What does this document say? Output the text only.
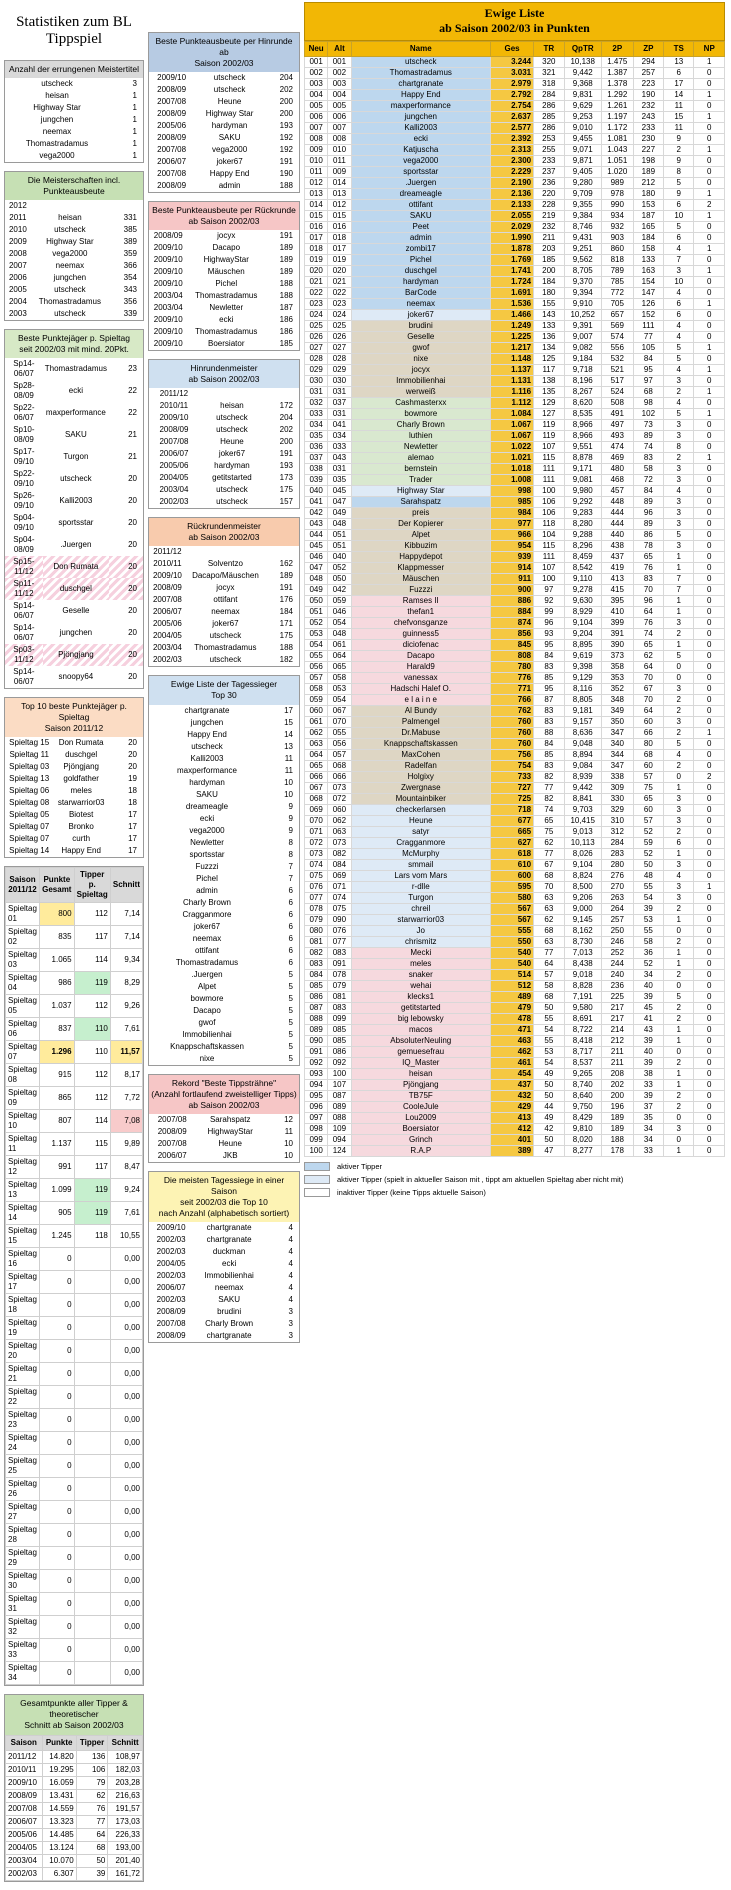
Statistiken zum BL Tippspiel
Anzahl der errungenen Meistertitel
utscheck	3
heisan	1
Highway Star	1
jungchen	1
neemax	1
Thomastradamus	1
vega2000	1
Die Meisterschaften incl. Punkteausbeute
2012		
2011	heisan	331
2010	utscheck	385
2009	Highway Star	389
2008	vega2000	359
2007	neemax	366
2006	jungchen	354
2005	utscheck	343
2004	Thomastradamus	356
2003	utscheck	339
Beste Punktejäger p. Spieltag
seit 2002/03 mit mind. 20Pkt.
Sp14-06/07	Thomastradamus	23
Sp28-08/09	ecki	22
Sp22-06/07	maxperformance	22
Sp10-08/09	SAKU	21
Sp17-09/10	Turgon	21
Sp22-09/10	utscheck	20
Sp26-09/10	Kalli2003	20
Sp04-09/10	sportsstar	20
Sp04-08/09	.Juergen	20
Sp15-11/12	Don Rumata	20
Sp11-11/12	duschgel	20
Sp14-06/07	Geselle	20
Sp14-06/07	jungchen	20
Sp03-11/12	Pjöngjang	20
Sp14-06/07	snoopy64	20
Top 10 beste Punktejäger p. Spieltag
Saison 2011/12
Spieltag 15	Don Rumata	20
Spieltag 11	duschgel	20
Spieltag 03	Pjöngjang	20
Spieltag 13	goldfather	19
Spieltag 06	meles	18
Spieltag 08	starwarrior03	18
Spieltag 05	Biotest	17
Spieltag 07	Bronko	17
Spieltag 07	curth	17
Spieltag 14	Happy End	17
Saison 2011/12	Punkte Gesamt	Tipper p. Spieltag	Schnitt
Spieltag 01	800	112	7,14
Spieltag 02	835	117	7,14
Spieltag 03	1.065	114	9,34
Spieltag 04	986	119	8,29
Spieltag 05	1.037	112	9,26
Spieltag 06	837	110	7,61
Spieltag 07	1.296	110	11,57
Spieltag 08	915	112	8,17
Spieltag 09	865	112	7,72
Spieltag 10	807	114	7,08
Spieltag 11	1.137	115	9,89
Spieltag 12	991	117	8,47
Spieltag 13	1.099	119	9,24
Spieltag 14	905	119	7,61
Spieltag 15	1.245	118	10,55
Spieltag 16	0		0,00
Spieltag 17	0		0,00
Spieltag 18	0		0,00
Spieltag 19	0		0,00
Spieltag 20	0		0,00
Spieltag 21	0		0,00
Spieltag 22	0		0,00
Spieltag 23	0		0,00
Spieltag 24	0		0,00
Spieltag 25	0		0,00
Spieltag 26	0		0,00
Spieltag 27	0		0,00
Spieltag 28	0		0,00
Spieltag 29	0		0,00
Spieltag 30	0		0,00
Spieltag 31	0		0,00
Spieltag 32	0		0,00
Spieltag 33	0		0,00
Spieltag 34	0		0,00
Gesamtpunkte aller Tipper & theoretischer
Schnitt ab Saison 2002/03
Saison	Punkte	Tipper	Schnitt
2011/12	14.820	136	108,97
2010/11	19.295	106	182,03
2009/10	16.059	79	203,28
2008/09	13.431	62	216,63
2007/08	14.559	76	191,57
2006/07	13.323	77	173,03
2005/06	14.485	64	226,33
2004/05	13.124	68	193,00
2003/04	10.070	50	201,40
2002/03	6.307	39	161,72
Beste Punkteausbeute per Hinrunde ab
Saison 2002/03
2009/10	utscheck	204
2008/09	utscheck	202
2007/08	Heune	200
2008/09	Highway Star	200
2005/06	hardyman	193
2008/09	SAKU	192
2007/08	vega2000	192
2006/07	joker67	191
2007/08	Happy End	190
2008/09	admin	188
Beste Punkteausbeute per Rückrunde
ab Saison 2002/03
2008/09	jocyx	191
2009/10	Dacapo	189
2009/10	HighwayStar	189
2009/10	Mäuschen	189
2009/10	Pichel	188
2003/04	Thomastradamus	188
2003/04	Newletter	187
2009/10	ecki	186
2009/10	Thomastradamus	186
2009/10	Boersiator	185
Hinrundenmeister
ab Saison 2002/03
2011/12		
2010/11	heisan	172
2009/10	utscheck	204
2008/09	utscheck	202
2007/08	Heune	200
2006/07	joker67	191
2005/06	hardyman	193
2004/05	getitstarted	173
2003/04	utscheck	175
2002/03	utscheck	157
Rückrundenmeister
ab Saison 2002/03
2011/12		
2010/11	Solventzo	162
2009/10	Dacapo/Mäuschen	189
2008/09	jocyx	191
2007/08	ottifant	176
2006/07	neemax	184
2005/06	joker67	171
2004/05	utscheck	175
2003/04	Thomastradamus	188
2002/03	utscheck	182
Ewige Liste der Tagessieger
Top 30
chartgranate	17
jungchen	15
Happy End	14
utscheck	13
Kalli2003	11
maxperformance	11
hardyman	10
SAKU	10
dreameagle	9
ecki	9
vega2000	9
Newletter	8
sportsstar	8
Fuzzzi	7
Pichel	7
admin	6
Charly Brown	6
Cragganmore	6
joker67	6
neemax	6
ottifant	6
Thomastradamus	6
.Juergen	5
Alpet	5
bowmore	5
Dacapo	5
gwof	5
Immobilienhai	5
Knappschaftskassen	5
nixe	5
Rekord "Beste Tippsträhne"
(Anzahl fortlaufend zweistelliger Tipps)
ab Saison 2002/03
2007/08	Sarahspatz	12
2008/09	HighwayStar	11
2007/08	Heune	10
2006/07	JKB	10
Die meisten Tagessiege in einer Saison
seit 2002/03 die Top 10
nach Anzahl (alphabetisch sortiert)
2009/10	chartgranate	4
2002/03	chartgranate	4
2002/03	duckman	4
2004/05	ecki	4
2002/03	Immobilienhai	4
2006/07	neemax	4
2002/03	SAKU	4
2008/09	brudini	3
2007/08	Charly Brown	3
2008/09	chartgranate	3
Ewige Liste
ab Saison 2002/03 in Punkten
Neu	Alt	Name	Ges	TR	QpTR	2P	ZP	TS	NP
001	001	utscheck	3.244	320	10,138	1.475	294	13	1
002	002	Thomastradamus	3.031	321	9,442	1.387	257	6	0
003	003	chartgranate	2.979	318	9,368	1.378	223	17	0
004	004	Happy End	2.792	284	9,831	1.292	190	14	1
005	005	maxperformance	2.754	286	9,629	1.261	232	11	0
006	006	jungchen	2.637	285	9,253	1.197	243	15	1
007	007	Kalli2003	2.577	286	9,010	1.172	233	11	0
008	008	ecki	2.392	253	9,455	1.081	230	9	0
009	010	Katjuscha	2.313	255	9,071	1.043	227	2	1
010	011	vega2000	2.300	233	9,871	1.051	198	9	0
011	009	sportsstar	2.229	237	9,405	1.020	189	8	0
012	014	.Juergen	2.190	236	9,280	989	212	5	0
013	013	dreameagle	2.136	220	9,709	978	180	9	1
014	012	ottifant	2.133	228	9,355	990	153	6	2
015	015	SAKU	2.055	219	9,384	934	187	10	1
016	016	Peet	2.029	232	8,746	932	165	5	0
017	018	admin	1.990	211	9,431	903	184	6	0
018	017	zombi17	1.878	203	9,251	860	158	4	1
019	019	Pichel	1.769	185	9,562	818	133	7	0
020	020	duschgel	1.741	200	8,705	789	163	3	1
021	021	hardyman	1.724	184	9,370	785	154	10	0
022	022	BarCode	1.691	180	9,394	772	147	4	0
023	023	neemax	1.536	155	9,910	705	126	6	1
024	024	joker67	1.466	143	10,252	657	152	6	0
025	025	brudini	1.249	133	9,391	569	111	4	0
026	026	Geselle	1.225	136	9,007	574	77	4	0
027	027	gwof	1.217	134	9,082	556	105	5	1
028	028	nixe	1.148	125	9,184	532	84	5	0
029	029	jocyx	1.137	117	9,718	521	95	4	1
030	030	Immobilienhai	1.131	138	8,196	517	97	3	0
031	031	werweiß	1.116	135	8,267	524	68	2	1
032	037	Cashmasterxx	1.112	129	8,620	508	98	4	0
033	031	bowmore	1.084	127	8,535	491	102	5	1
034	041	Charly Brown	1.067	119	8,966	497	73	3	0
035	034	luthien	1.067	119	8,966	493	89	3	0
036	033	Newletter	1.022	107	9,551	474	74	8	0
037	043	alemao	1.021	115	8,878	469	83	2	1
038	031	bernstein	1.018	111	9,171	480	58	3	0
039	035	Trader	1.008	111	9,081	468	72	3	0
040	045	Highway Star	998	100	9,980	457	84	4	0
041	047	Sarahspatz	985	106	9,292	448	89	3	0
042	049	preis	984	106	9,283	444	96	3	0
043	048	Der Kopierer	977	118	8,280	444	89	3	0
044	051	Alpet	966	104	9,288	440	86	5	0
045	051	Kibbuzim	954	115	8,296	438	78	3	0
046	040	Happydepot	939	111	8,459	437	65	1	0
047	052	Klappmesser	914	107	8,542	419	76	1	0
048	050	Mäuschen	911	100	9,110	413	83	7	0
049	042	Fuzzzi	900	97	9,278	415	70	7	0
050	059	Ramses II	886	92	9,630	395	96	1	0
051	046	thefan1	884	99	8,929	410	64	1	0
052	054	chefvonsganze	874	96	9,104	399	76	3	0
053	048	guinness5	856	93	9,204	391	74	2	0
054	061	diciofenac	845	95	8,895	390	65	1	0
055	064	Dacapo	808	84	9,619	373	62	5	0
056	065	Harald9	780	83	9,398	358	64	0	0
057	058	vanessax	776	85	9,129	353	70	0	0
058	053	Hadschi Halef O.	771	95	8,116	352	67	3	0
059	054	e l a i n e	766	87	8,805	348	70	2	0
060	067	Al Bundy	762	83	9,181	349	64	2	0
061	070	Palmengel	760	83	9,157	350	60	3	0
062	055	Dr.Mabuse	760	88	8,636	347	66	2	1
063	056	Knappschaftskassen	760	84	9,048	340	80	5	0
064	057	MaxCohen	756	85	8,894	344	68	4	0
065	068	Radelfan	754	83	9,084	347	60	2	0
066	066	Holgixy	733	82	8,939	338	57	0	2
067	073	Zwergnase	727	77	9,442	309	75	1	0
068	072	Mountainbiker	725	82	8,841	330	65	3	0
069	060	checkerlarsen	718	74	9,703	329	60	3	0
070	062	Heune	677	65	10,415	310	57	3	0
071	063	satyr	665	75	9,013	312	52	2	0
072	073	Cragganmore	627	62	10,113	284	59	6	0
073	082	McMurphy	618	77	8,026	283	52	1	0
074	084	smmail	610	67	9,104	280	50	3	0
075	069	Lars vom Mars	600	68	8,824	276	48	4	0
076	071	r-dlle	595	70	8,500	270	55	3	1
077	074	Turgon	580	63	9,206	263	54	3	0
078	075	chreil	567	63	9,000	264	39	2	0
079	090	starwarrior03	567	62	9,145	257	53	1	0
080	076	Jo	555	68	8,162	250	55	0	0
081	077	chrismitz	550	63	8,730	246	58	2	0
082	083	Mecki	540	77	7,013	252	36	1	0
083	091	meles	540	64	8,438	244	52	1	0
084	078	snaker	514	57	9,018	240	34	2	0
085	079	wehai	512	58	8,828	236	40	0	0
086	081	klecks1	489	68	7,191	225	39	5	0
087	083	getitstarted	479	50	9,580	217	45	2	0
088	099	big lebowsky	478	55	8,691	217	41	2	0
089	085	macos	471	54	8,722	214	43	1	0
090	085	AbsoluterNeuling	463	55	8,418	212	39	1	0
091	086	gemuesefrau	462	53	8,717	211	40	0	0
092	092	IQ_Master	461	54	8,537	211	39	2	0
093	100	heisan	454	49	9,265	208	38	1	0
094	107	Pjöngjang	437	50	8,740	202	33	1	0
095	087	TB75F	432	50	8,640	200	39	2	0
096	089	CooleJule	429	44	9,750	196	37	2	0
097	088	Lou2009	413	49	8,429	189	35	0	0
098	109	Boersiator	412	42	9,810	189	34	3	0
099	094	Grinch	401	50	8,020	188	34	0	0
100	124	R.A.P	389	47	8,277	178	33	1	0
aktiver Tipper
aktiver Tipper (spielt in aktueller Saison mit , tippt am aktuellen Spieltag aber nicht mit)
inaktiver Tipper (keine Tipps aktuelle Saison)
